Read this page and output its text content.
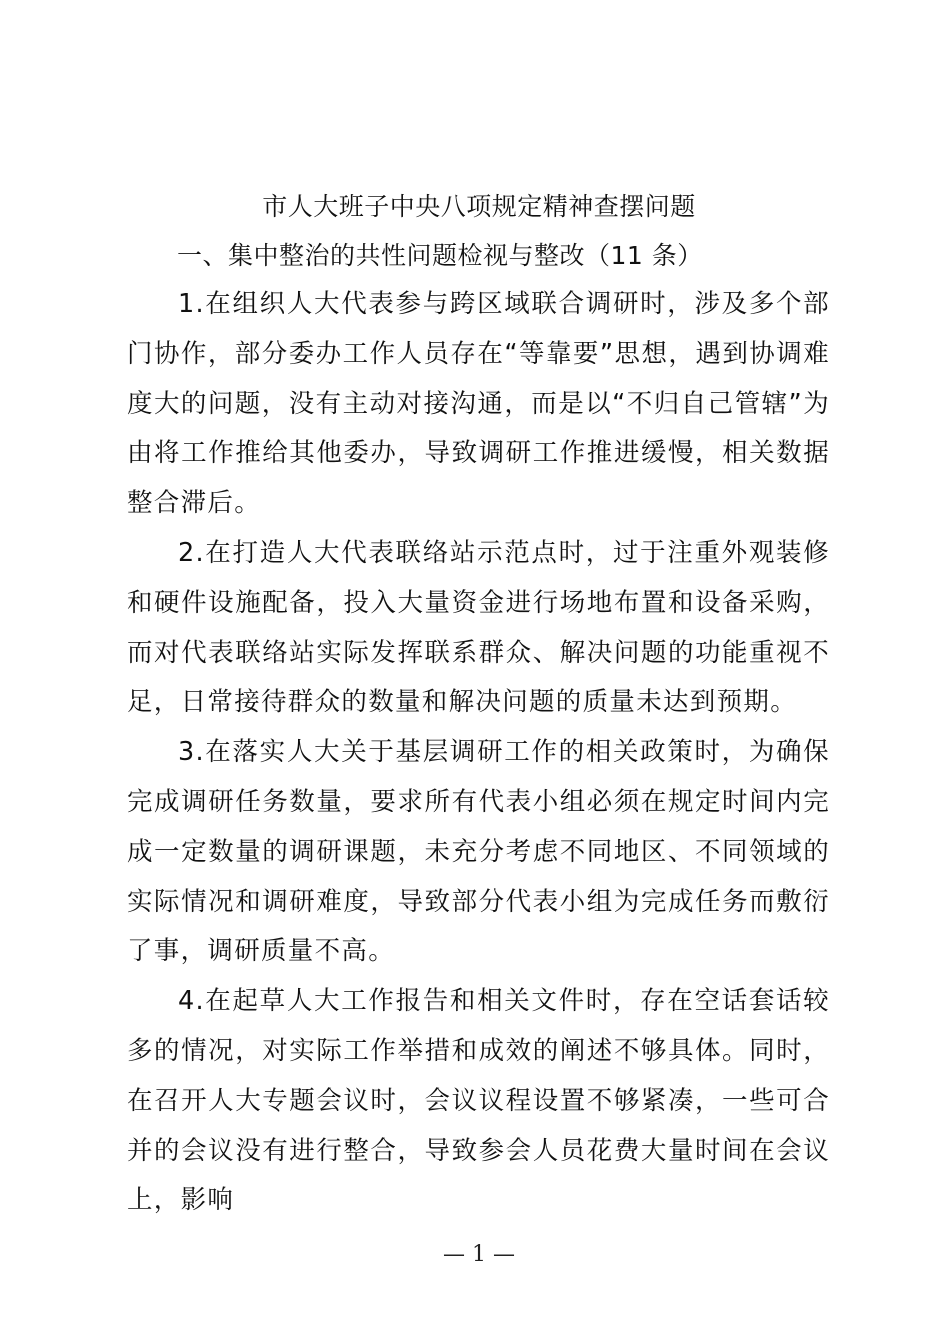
市人大班子中央八项规定精神查摆问题
一、集中整治的共性问题检视与整改（11 条）

1.在组织人大代表参与跨区域联合调研时，涉及多个部门协作，部分委办工作人员存在“等靠要”思想，遇到协调难度大的问题，没有主动对接沟通，而是以“不归自己管辖”为由将工作推给其他委办，导致调研工作推进缓慢，相关数据整合滞后。

2.在打造人大代表联络站示范点时，过于注重外观装修和硬件设施配备，投入大量资金进行场地布置和设备采购，而对代表联络站实际发挥联系群众、解决问题的功能重视不足，日常接待群众的数量和解决问题的质量未达到预期。

3.在落实人大关于基层调研工作的相关政策时，为确保完成调研任务数量，要求所有代表小组必须在规定时间内完成一定数量的调研课题，未充分考虑不同地区、不同领域的实际情况和调研难度，导致部分代表小组为完成任务而敷衍了事，调研质量不高。

4.在起草人大工作报告和相关文件时，存在空话套话较多的情况，对实际工作举措和成效的阐述不够具体。同时，在召开人大专题会议时，会议议程设置不够紧凑，一些可合并的会议没有进行整合，导致参会人员花费大量时间在会议上，影响

— 1 —
